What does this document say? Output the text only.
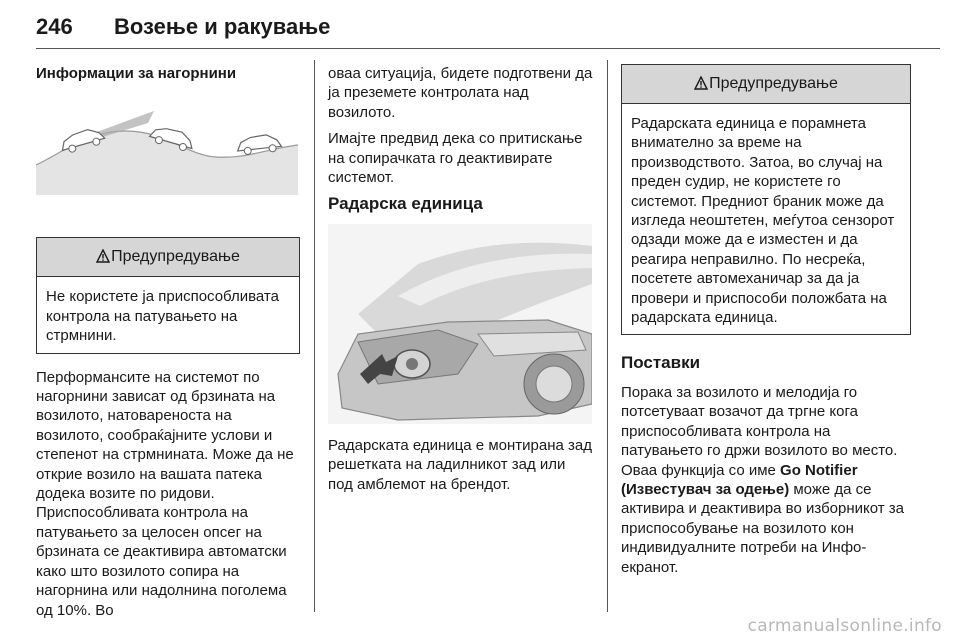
246 Возење и ракување
Информации за нагорнини
Предупредување

Не користете ја приспособливата контрола на патувањето на стрмнини.

Перформансите на системот по нагорнини зависат од брзината на возилото, натовареноста на возилото, сообраќајните услови и степенот на стрмнината. Може да не открие возило на вашата патека додека возите по ридови. Приспособливата контрола на патувањето за целосен опсег на брзината се деактивира автоматски како што возилото сопира на нагорнина или надолнина поголема од 10%. Во

оваа ситуација, бидете подготвени да ја преземете контролата над возилото.

Имајте предвид дека со притискање на сопирачката го деактивирате системот.

Радарска единица

Радарската единица е монтирана зад решетката на ладилникот зад или под амблемот на брендот.

Предупредување

Радарската единица е порамнета внимателно за време на производството. Затоа, во случај на преден судир, не користете го системот. Предниот браник може да изгледа неоштетен, меѓутоа сензорот одзади може да е изместен и да реагира неправилно. По несреќа, посетете автомеханичар за да ја провери и приспособи положбата на радарската единица.

Поставки

Порака за возилото и мелодија го потсетуваат возачот да тргне кога приспособливата контрола на патувањето го држи возилото во место. Оваа функција со име Go Notifier (Известувач за одење) може да се активира и деактивира во изборникот за приспособување на возилото кон индивидуалните потреби на Инфо-екранот.

carmanualsonline.info
